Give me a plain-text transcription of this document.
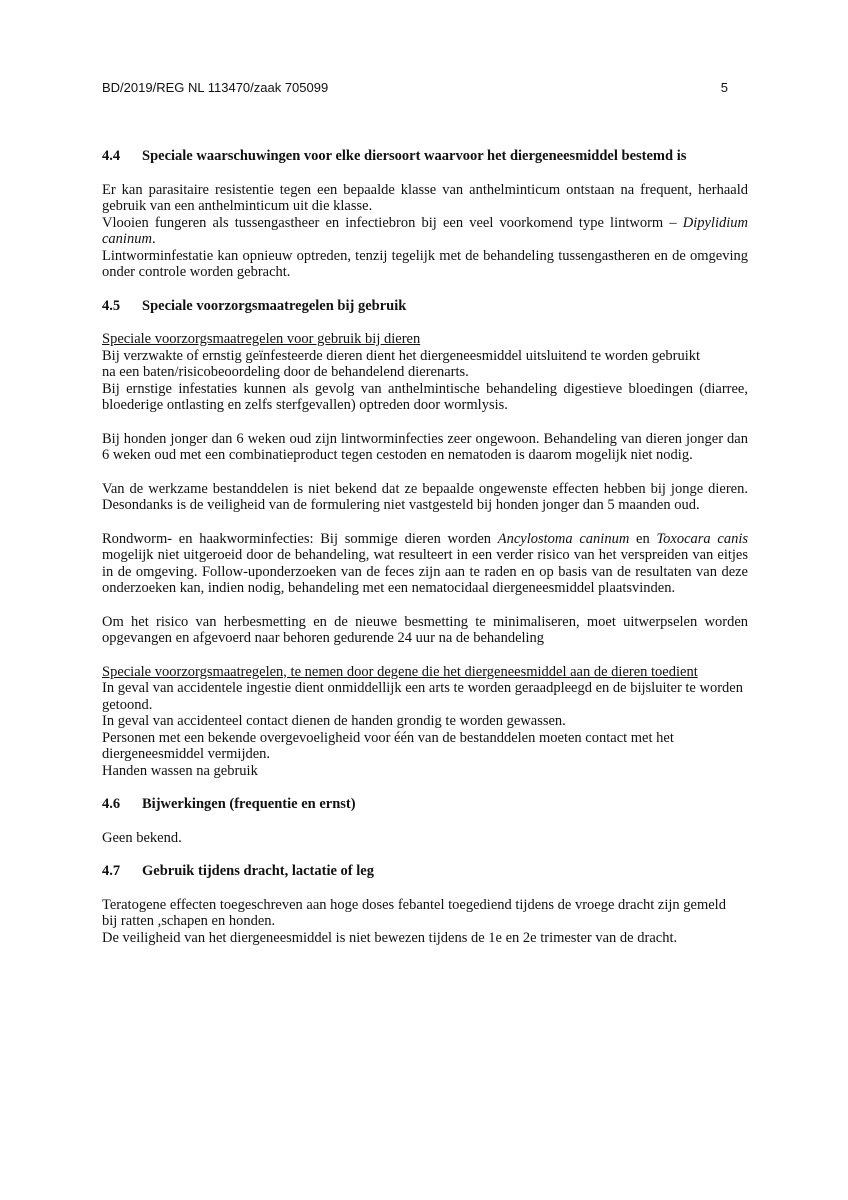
BD/2019/REG NL 113470/zaak 705099	5

4.4 Speciale waarschuwingen voor elke diersoort waarvoor het diergeneesmiddel bestemd is

Er kan parasitaire resistentie tegen een bepaalde klasse van anthelminticum ontstaan na frequent, herhaald gebruik van een anthelminticum uit die klasse.

Vlooien fungeren als tussengastheer en infectiebron bij een veel voorkomend type lintworm – Dipylidium caninum.

Lintworminfestatie kan opnieuw optreden, tenzij tegelijk met de behandeling tussengastheren en de omgeving onder controle worden gebracht.

4.5 Speciale voorzorgsmaatregelen bij gebruik

Speciale voorzorgsmaatregelen voor gebruik bij dieren

Bij verzwakte of ernstig geïnfesteerde dieren dient het diergeneesmiddel uitsluitend te worden gebruikt na een baten/risicobeoordeling door de behandelend dierenarts.

Bij ernstige infestaties kunnen als gevolg van anthelmintische behandeling digestieve bloedingen (diarree, bloederige ontlasting en zelfs sterfgevallen) optreden door wormlysis.

Bij honden jonger dan 6 weken oud zijn lintworminfecties zeer ongewoon. Behandeling van dieren jonger dan 6 weken oud met een combinatieproduct tegen cestoden en nematoden is daarom mogelijk niet nodig.

Van de werkzame bestanddelen is niet bekend dat ze bepaalde ongewenste effecten hebben bij jonge dieren. Desondanks is de veiligheid van de formulering niet vastgesteld bij honden jonger dan 5 maanden oud.

Rondworm- en haakworminfecties: Bij sommige dieren worden Ancylostoma caninum en Toxocara canis mogelijk niet uitgeroeid door de behandeling, wat resulteert in een verder risico van het verspreiden van eitjes in de omgeving. Follow-uponderzoeken van de feces zijn aan te raden en op basis van de resultaten van deze onderzoeken kan, indien nodig, behandeling met een nematocidaal diergeneesmiddel plaatsvinden.

Om het risico van herbesmetting en de nieuwe besmetting te minimaliseren, moet uitwerpselen worden opgevangen en afgevoerd naar behoren gedurende 24 uur na de behandeling

Speciale voorzorgsmaatregelen, te nemen door degene die het diergeneesmiddel aan de dieren toedient

In geval van accidentele ingestie dient onmiddellijk een arts te worden geraadpleegd en de bijsluiter te worden getoond.

In geval van accidenteel contact dienen de handen grondig te worden gewassen.

Personen met een bekende overgevoeligheid voor één van de bestanddelen moeten contact met het diergeneesmiddel vermijden.

Handen wassen na gebruik

4.6 Bijwerkingen (frequentie en ernst)

Geen bekend.

4.7 Gebruik tijdens dracht, lactatie of leg

Teratogene effecten toegeschreven aan hoge doses febantel toegediend tijdens de vroege dracht zijn gemeld bij ratten ,schapen en honden.

De veiligheid van het diergeneesmiddel is niet bewezen tijdens de 1e en 2e trimester van de dracht.
